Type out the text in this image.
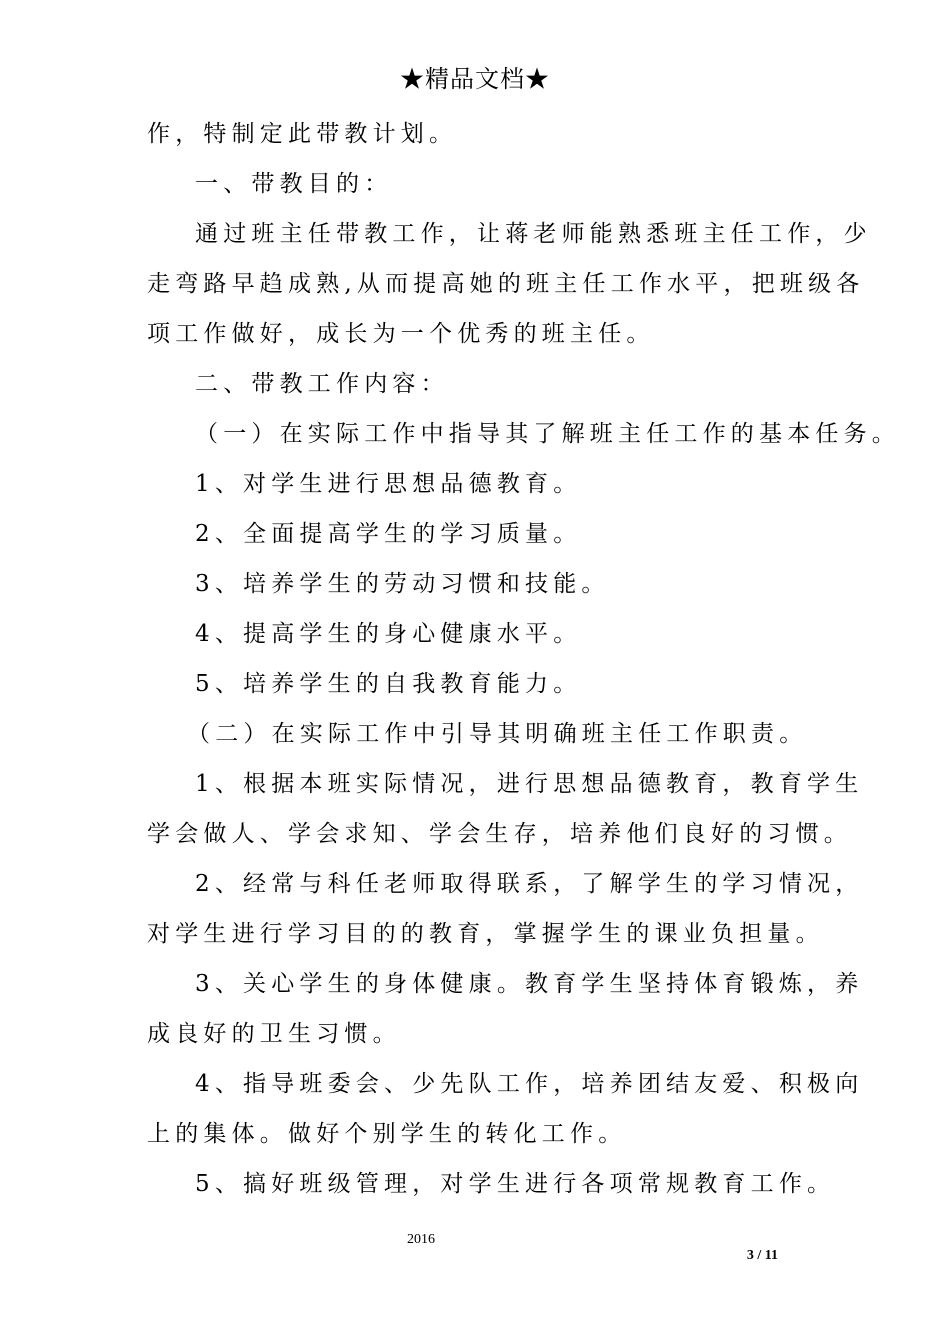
★精品文档★
作，特制定此带教计划。
一、带教目的：
通过班主任带教工作，让蒋老师能熟悉班主任工作，少
走弯路早趋成熟,从而提高她的班主任工作水平，把班级各
项工作做好，成长为一个优秀的班主任。
二、带教工作内容：
（一）在实际工作中指导其了解班主任工作的基本任务。
1、对学生进行思想品德教育。
2、全面提高学生的学习质量。
3、培养学生的劳动习惯和技能。
4、提高学生的身心健康水平。
5、培养学生的自我教育能力。
（二）在实际工作中引导其明确班主任工作职责。
1、根据本班实际情况，进行思想品德教育，教育学生
学会做人、学会求知、学会生存，培养他们良好的习惯。
2、经常与科任老师取得联系，了解学生的学习情况，
对学生进行学习目的的教育，掌握学生的课业负担量。
3、关心学生的身体健康。教育学生坚持体育锻炼，养
成良好的卫生习惯。
4、指导班委会、少先队工作，培养团结友爱、积极向
上的集体。做好个别学生的转化工作。
5、搞好班级管理，对学生进行各项常规教育工作。
2016
3 / 11
